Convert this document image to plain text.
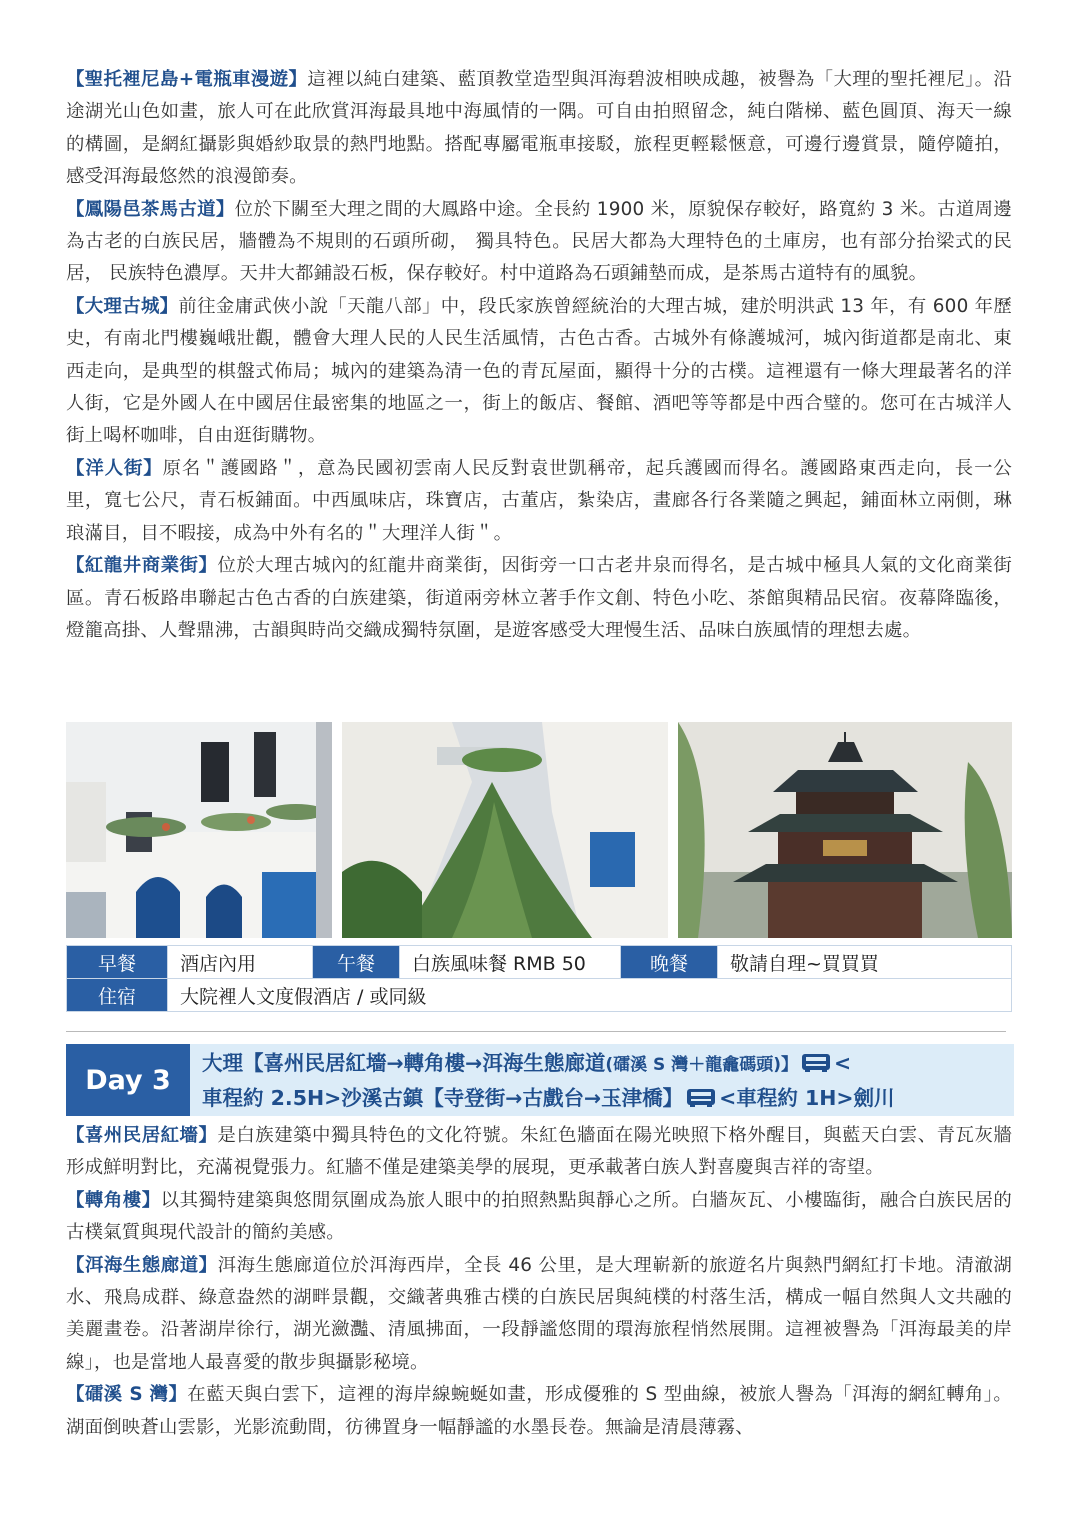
【聖托裡尼島+電瓶車漫遊】這裡以純白建築、藍頂教堂造型與洱海碧波相映成趣，被譽為「大理的聖托裡尼」。沿途湖光山色如畫，旅人可在此欣賞洱海最具地中海風情的一隅。可自由拍照留念，純白階梯、藍色圓頂、海天一線的構圖，是網紅攝影與婚紗取景的熱門地點。搭配專屬電瓶車接駁，旅程更輕鬆愜意，可邊行邊賞景，隨停隨拍，感受洱海最悠然的浪漫節奏。

【鳳陽邑茶馬古道】位於下關至大理之間的大鳳路中途。全長約 1900 米，原貌保存較好，路寬約 3 米。古道周邊為古老的白族民居，牆體為不規則的石頭所砌， 獨具特色。民居大都為大理特色的土庫房，也有部分抬梁式的民居， 民族特色濃厚。天井大都鋪設石板，保存較好。村中道路為石頭鋪墊而成，是茶馬古道特有的風貌。

【大理古城】前往金庸武俠小說「天龍八部」中，段氏家族曾經統治的大理古城，建於明洪武 13 年，有 600 年歷史，有南北門樓巍峨壯觀，體會大理人民的人民生活風情，古色古香。古城外有條護城河，城內街道都是南北、東西走向，是典型的棋盤式佈局；城內的建築為清一色的青瓦屋面，顯得十分的古樸。這裡還有一條大理最著名的洋人街，它是外國人在中國居住最密集的地區之一，街上的飯店、餐館、酒吧等等都是中西合璧的。您可在古城洋人街上喝杯咖啡，自由逛街購物。

【洋人街】原名＂護國路＂，意為民國初雲南人民反對袁世凱稱帝，起兵護國而得名。護國路東西走向，長一公里，寬七公尺，青石板鋪面。中西風味店，珠寶店，古董店，紮染店，畫廊各行各業隨之興起，鋪面林立兩側，琳琅滿目，目不暇接，成為中外有名的＂大理洋人街＂。

【紅龍井商業街】位於大理古城內的紅龍井商業街，因街旁一口古老井泉而得名，是古城中極具人氣的文化商業街區。青石板路串聯起古色古香的白族建築，街道兩旁林立著手作文創、特色小吃、茶館與精品民宿。夜幕降臨後，燈籠高掛、人聲鼎沸，古韻與時尚交織成獨特氛圍，是遊客感受大理慢生活、品味白族風情的理想去處。

早餐	酒店內用	午餐	白族風味餐 RMB 50	晚餐	敬請自理~買買買
住宿	大院裡人文度假酒店 / 或同級				
Day 3
大理【喜州民居紅墻→轉角樓→洱海生態廊道(礌溪 S 灣＋龍龕碼頭)】 <
車程約 2.5H>沙溪古鎮【寺登街→古戲台→玉津橋】 <車程約 1H>劍川

【喜州民居紅墻】是白族建築中獨具特色的文化符號。朱紅色牆面在陽光映照下格外醒目，與藍天白雲、青瓦灰牆形成鮮明對比，充滿視覺張力。紅牆不僅是建築美學的展現，更承載著白族人對喜慶與吉祥的寄望。

【轉角樓】以其獨特建築與悠閒氛圍成為旅人眼中的拍照熱點與靜心之所。白牆灰瓦、小樓臨街，融合白族民居的古樸氣質與現代設計的簡約美感。

【洱海生態廊道】洱海生態廊道位於洱海西岸，全長 46 公里，是大理嶄新的旅遊名片與熱門網紅打卡地。清澈湖水、飛鳥成群、綠意盎然的湖畔景觀，交織著典雅古樸的白族民居與純樸的村落生活，構成一幅自然與人文共融的美麗畫卷。沿著湖岸徐行，湖光瀲灩、清風拂面，一段靜謐悠閒的環海旅程悄然展開。這裡被譽為「洱海最美的岸線」，也是當地人最喜愛的散步與攝影秘境。

【礌溪 S 灣】在藍天與白雲下，這裡的海岸線蜿蜒如畫，形成優雅的 S 型曲線，被旅人譽為「洱海的網紅轉角」。湖面倒映蒼山雲影，光影流動間，彷彿置身一幅靜謐的水墨長卷。無論是清晨薄霧、
